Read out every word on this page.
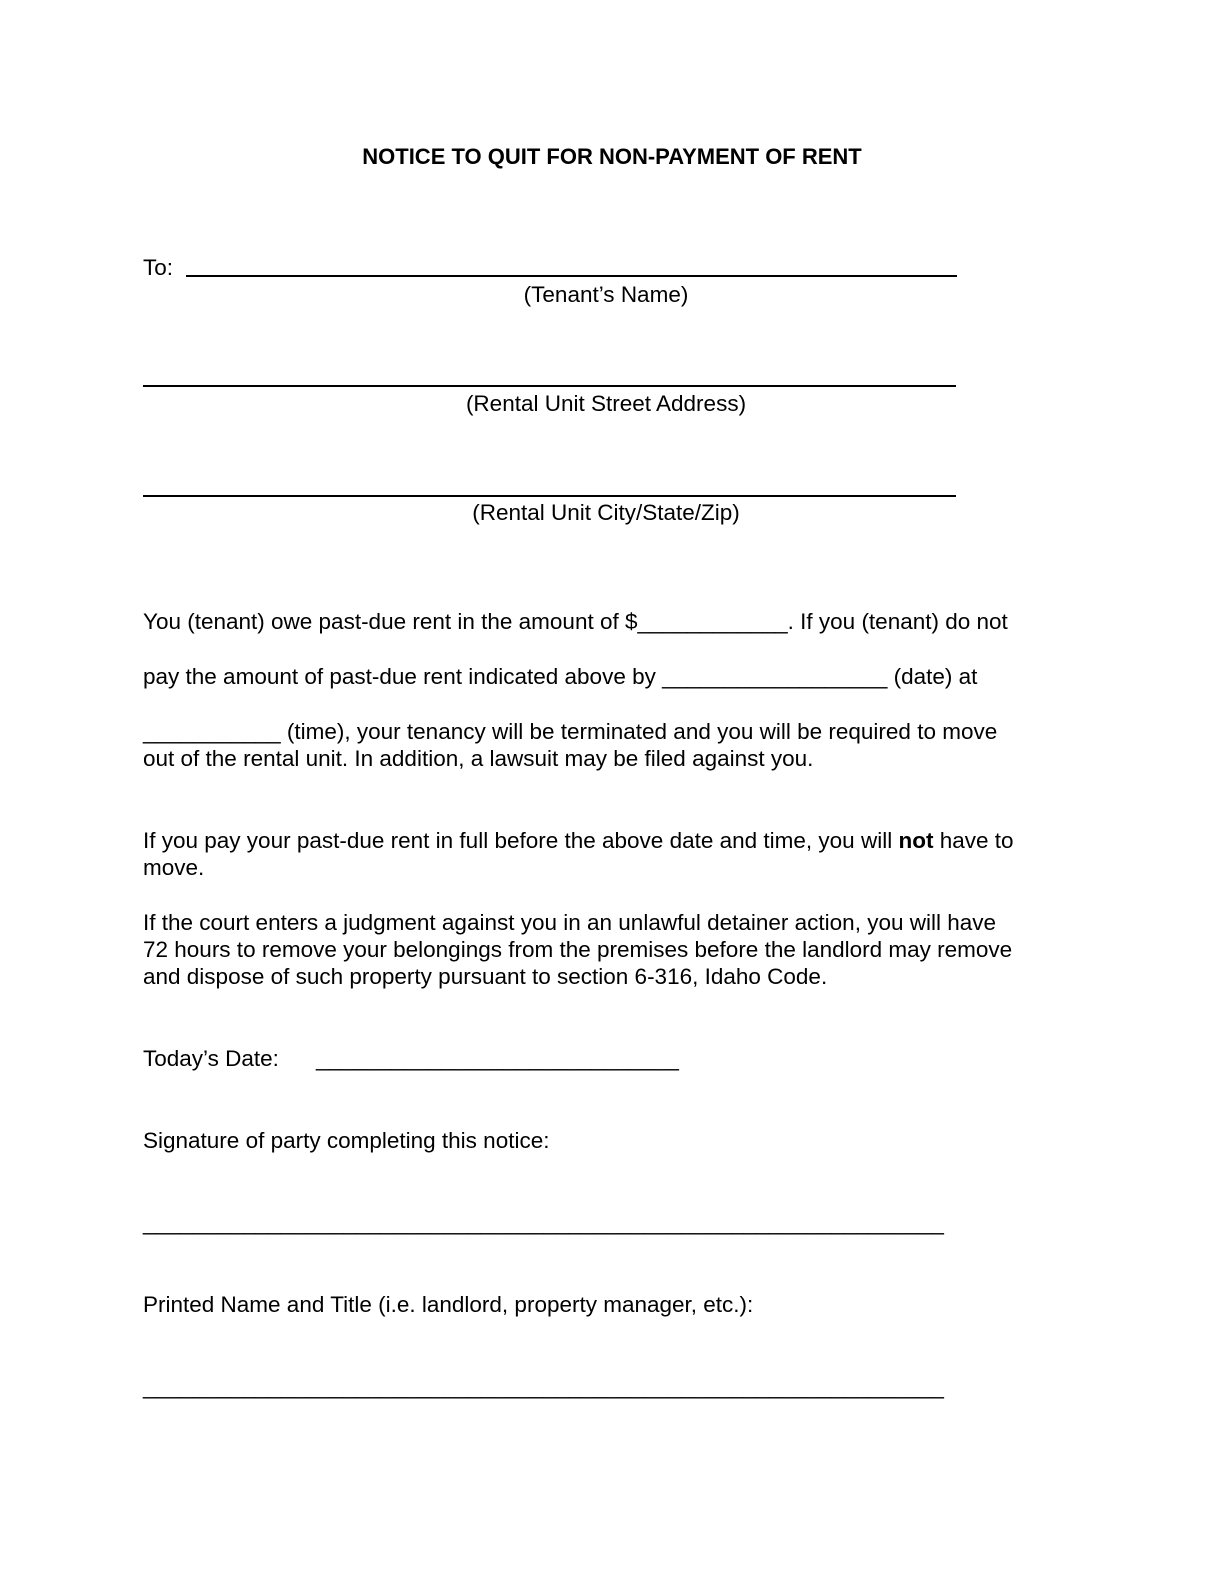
NOTICE TO QUIT FOR NON-PAYMENT OF RENT
To:
(Tenant’s Name)
(Rental Unit Street Address)
(Rental Unit City/State/Zip)
You (tenant) owe past-due rent in the amount of $____________. If you (tenant) do not
pay the amount of past-due rent indicated above by __________________ (date) at
___________ (time), your tenancy will be terminated and you will be required to move
out of the rental unit. In addition, a lawsuit may be filed against you.
If you pay your past-due rent in full before the above date and time, you will not have to
move.
If the court enters a judgment against you in an unlawful detainer action, you will have
72 hours to remove your belongings from the premises before the landlord may remove
and dispose of such property pursuant to section 6-316, Idaho Code.
Today’s Date: _____________________________
Signature of party completing this notice:
________________________________________________________________
Printed Name and Title (i.e. landlord, property manager, etc.):
________________________________________________________________
